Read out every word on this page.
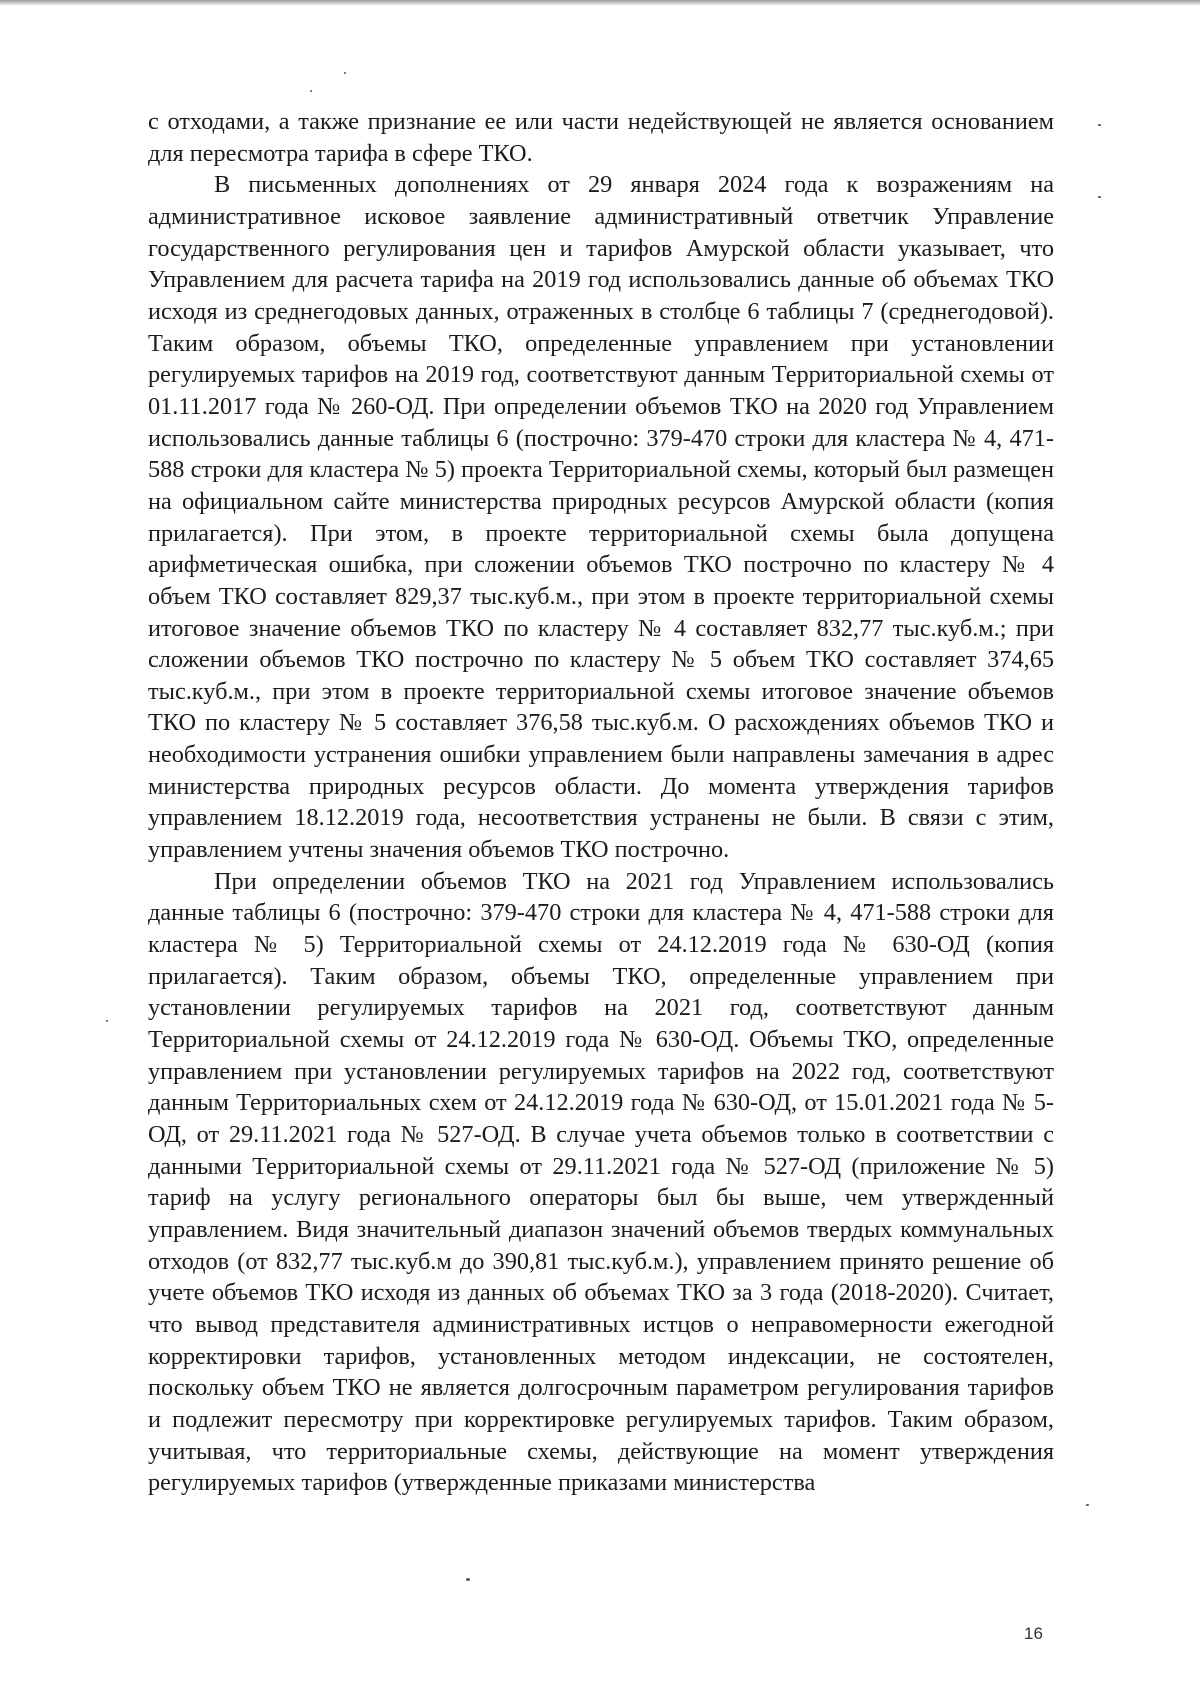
с отходами, а также признание ее или части недействующей не является основанием для пересмотра тарифа в сфере ТКО.

В письменных дополнениях от 29 января 2024 года к возражениям на административное исковое заявление административный ответчик Управление государственного регулирования цен и тарифов Амурской области указывает, что Управлением для расчета тарифа на 2019 год использовались данные об объемах ТКО исходя из среднегодовых данных, отраженных в столбце 6 таблицы 7 (среднегодовой). Таким образом, объемы ТКО, определенные управлением при установлении регулируемых тарифов на 2019 год, соответствуют данным Территориальной схемы от 01.11.2017 года № 260-ОД. При определении объемов ТКО на 2020 год Управлением использовались данные таблицы 6 (построчно: 379-470 строки для кластера № 4, 471-588 строки для кластера № 5) проекта Территориальной схемы, который был размещен на официальном сайте министерства природных ресурсов Амурской области (копия прилагается). При этом, в проекте территориальной схемы была допущена арифметическая ошибка, при сложении объемов ТКО построчно по кластеру № 4 объем ТКО составляет 829,37 тыс.куб.м., при этом в проекте территориальной схемы итоговое значение объемов ТКО по кластеру № 4 составляет 832,77 тыс.куб.м.; при сложении объемов ТКО построчно по кластеру № 5 объем ТКО составляет 374,65 тыс.куб.м., при этом в проекте территориальной схемы итоговое значение объемов ТКО по кластеру № 5 составляет 376,58 тыс.куб.м. О расхождениях объемов ТКО и необходимости устранения ошибки управлением были направлены замечания в адрес министерства природных ресурсов области. До момента утверждения тарифов управлением 18.12.2019 года, несоответствия устранены не были. В связи с этим, управлением учтены значения объемов ТКО построчно.

При определении объемов ТКО на 2021 год Управлением использовались данные таблицы 6 (построчно: 379-470 строки для кластера № 4, 471-588 строки для кластера № 5) Территориальной схемы от 24.12.2019 года № 630-ОД (копия прилагается). Таким образом, объемы ТКО, определенные управлением при установлении регулируемых тарифов на 2021 год, соответствуют данным Территориальной схемы от 24.12.2019 года № 630-ОД. Объемы ТКО, определенные управлением при установлении регулируемых тарифов на 2022 год, соответствуют данным Территориальных схем от 24.12.2019 года № 630-ОД, от 15.01.2021 года № 5-ОД, от 29.11.2021 года № 527-ОД. В случае учета объемов только в соответствии с данными Территориальной схемы от 29.11.2021 года № 527-ОД (приложение № 5) тариф на услугу регионального операторы был бы выше, чем утвержденный управлением. Видя значительный диапазон значений объемов твердых коммунальных отходов (от 832,77 тыс.куб.м до 390,81 тыс.куб.м.), управлением принято решение об учете объемов ТКО исходя из данных об объемах ТКО за 3 года (2018-2020). Считает, что вывод представителя административных истцов о неправомерности ежегодной корректировки тарифов, установленных методом индексации, не состоятелен, поскольку объем ТКО не является долгосрочным параметром регулирования тарифов и подлежит пересмотру при корректировке регулируемых тарифов. Таким образом, учитывая, что территориальные схемы, действующие на момент утверждения регулируемых тарифов (утвержденные приказами министерства

16
